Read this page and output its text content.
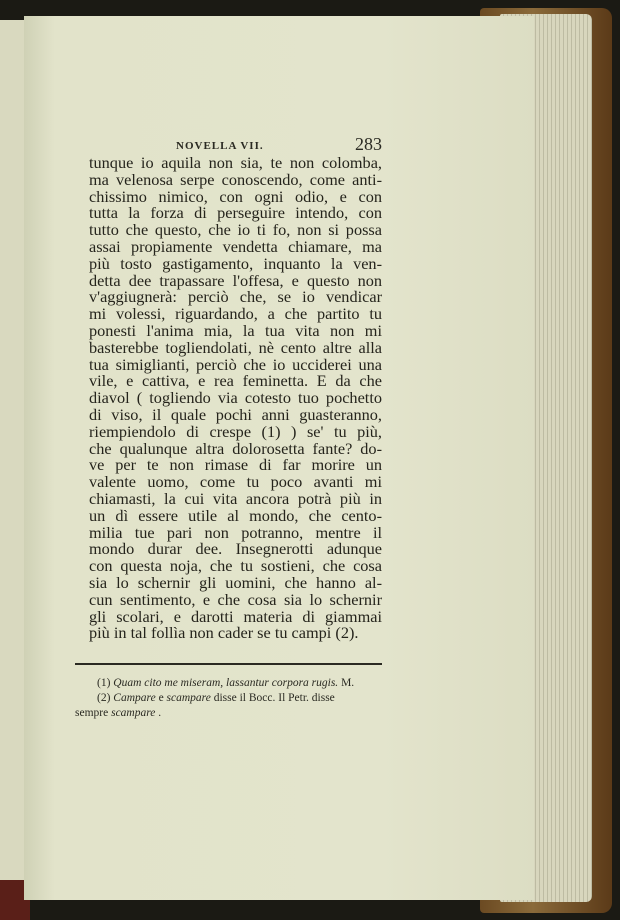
NOVELLA VII.	283
tunque io aquila non sia, te non colomba,
ma velenosa serpe conoscendo, come anti-
chissimo nimico, con ogni odio, e con
tutta la forza di perseguire intendo, con
tutto che questo, che io ti fo, non si possa
assai propiamente vendetta chiamare, ma
più tosto gastigamento, inquanto la ven-
detta dee trapassare l'offesa, e questo non
v'aggiugnerà: perciò che, se io vendicar
mi volessi, riguardando, a che partito tu
ponesti l'anima mia, la tua vita non mi
basterebbe togliendolati, nè cento altre alla
tua simiglianti, perciò che io ucciderei una
vile, e cattiva, e rea feminetta. E da che
diavol ( togliendo via cotesto tuo pochetto
di viso, il quale pochi anni guasteranno,
riempiendolo di crespe (1) ) se' tu più,
che qualunque altra dolorosetta fante? do-
ve per te non rimase di far morire un
valente uomo, come tu poco avanti mi
chiamasti, la cui vita ancora potrà più in
un dì essere utile al mondo, che cento-
milia tue pari non potranno, mentre il
mondo durar dee. Insegnerotti adunque
con questa noja, che tu sostieni, che cosa
sia lo schernir gli uomini, che hanno al-
cun sentimento, e che cosa sia lo schernir
gli scolari, e darotti materia di giammai
più in tal follìa non cader se tu campi (2).
(1) Quam cito me miseram, lassantur corpora rugis. M.
(2) Campare e scampare disse il Bocc. Il Petr. disse
sempre scampare .
